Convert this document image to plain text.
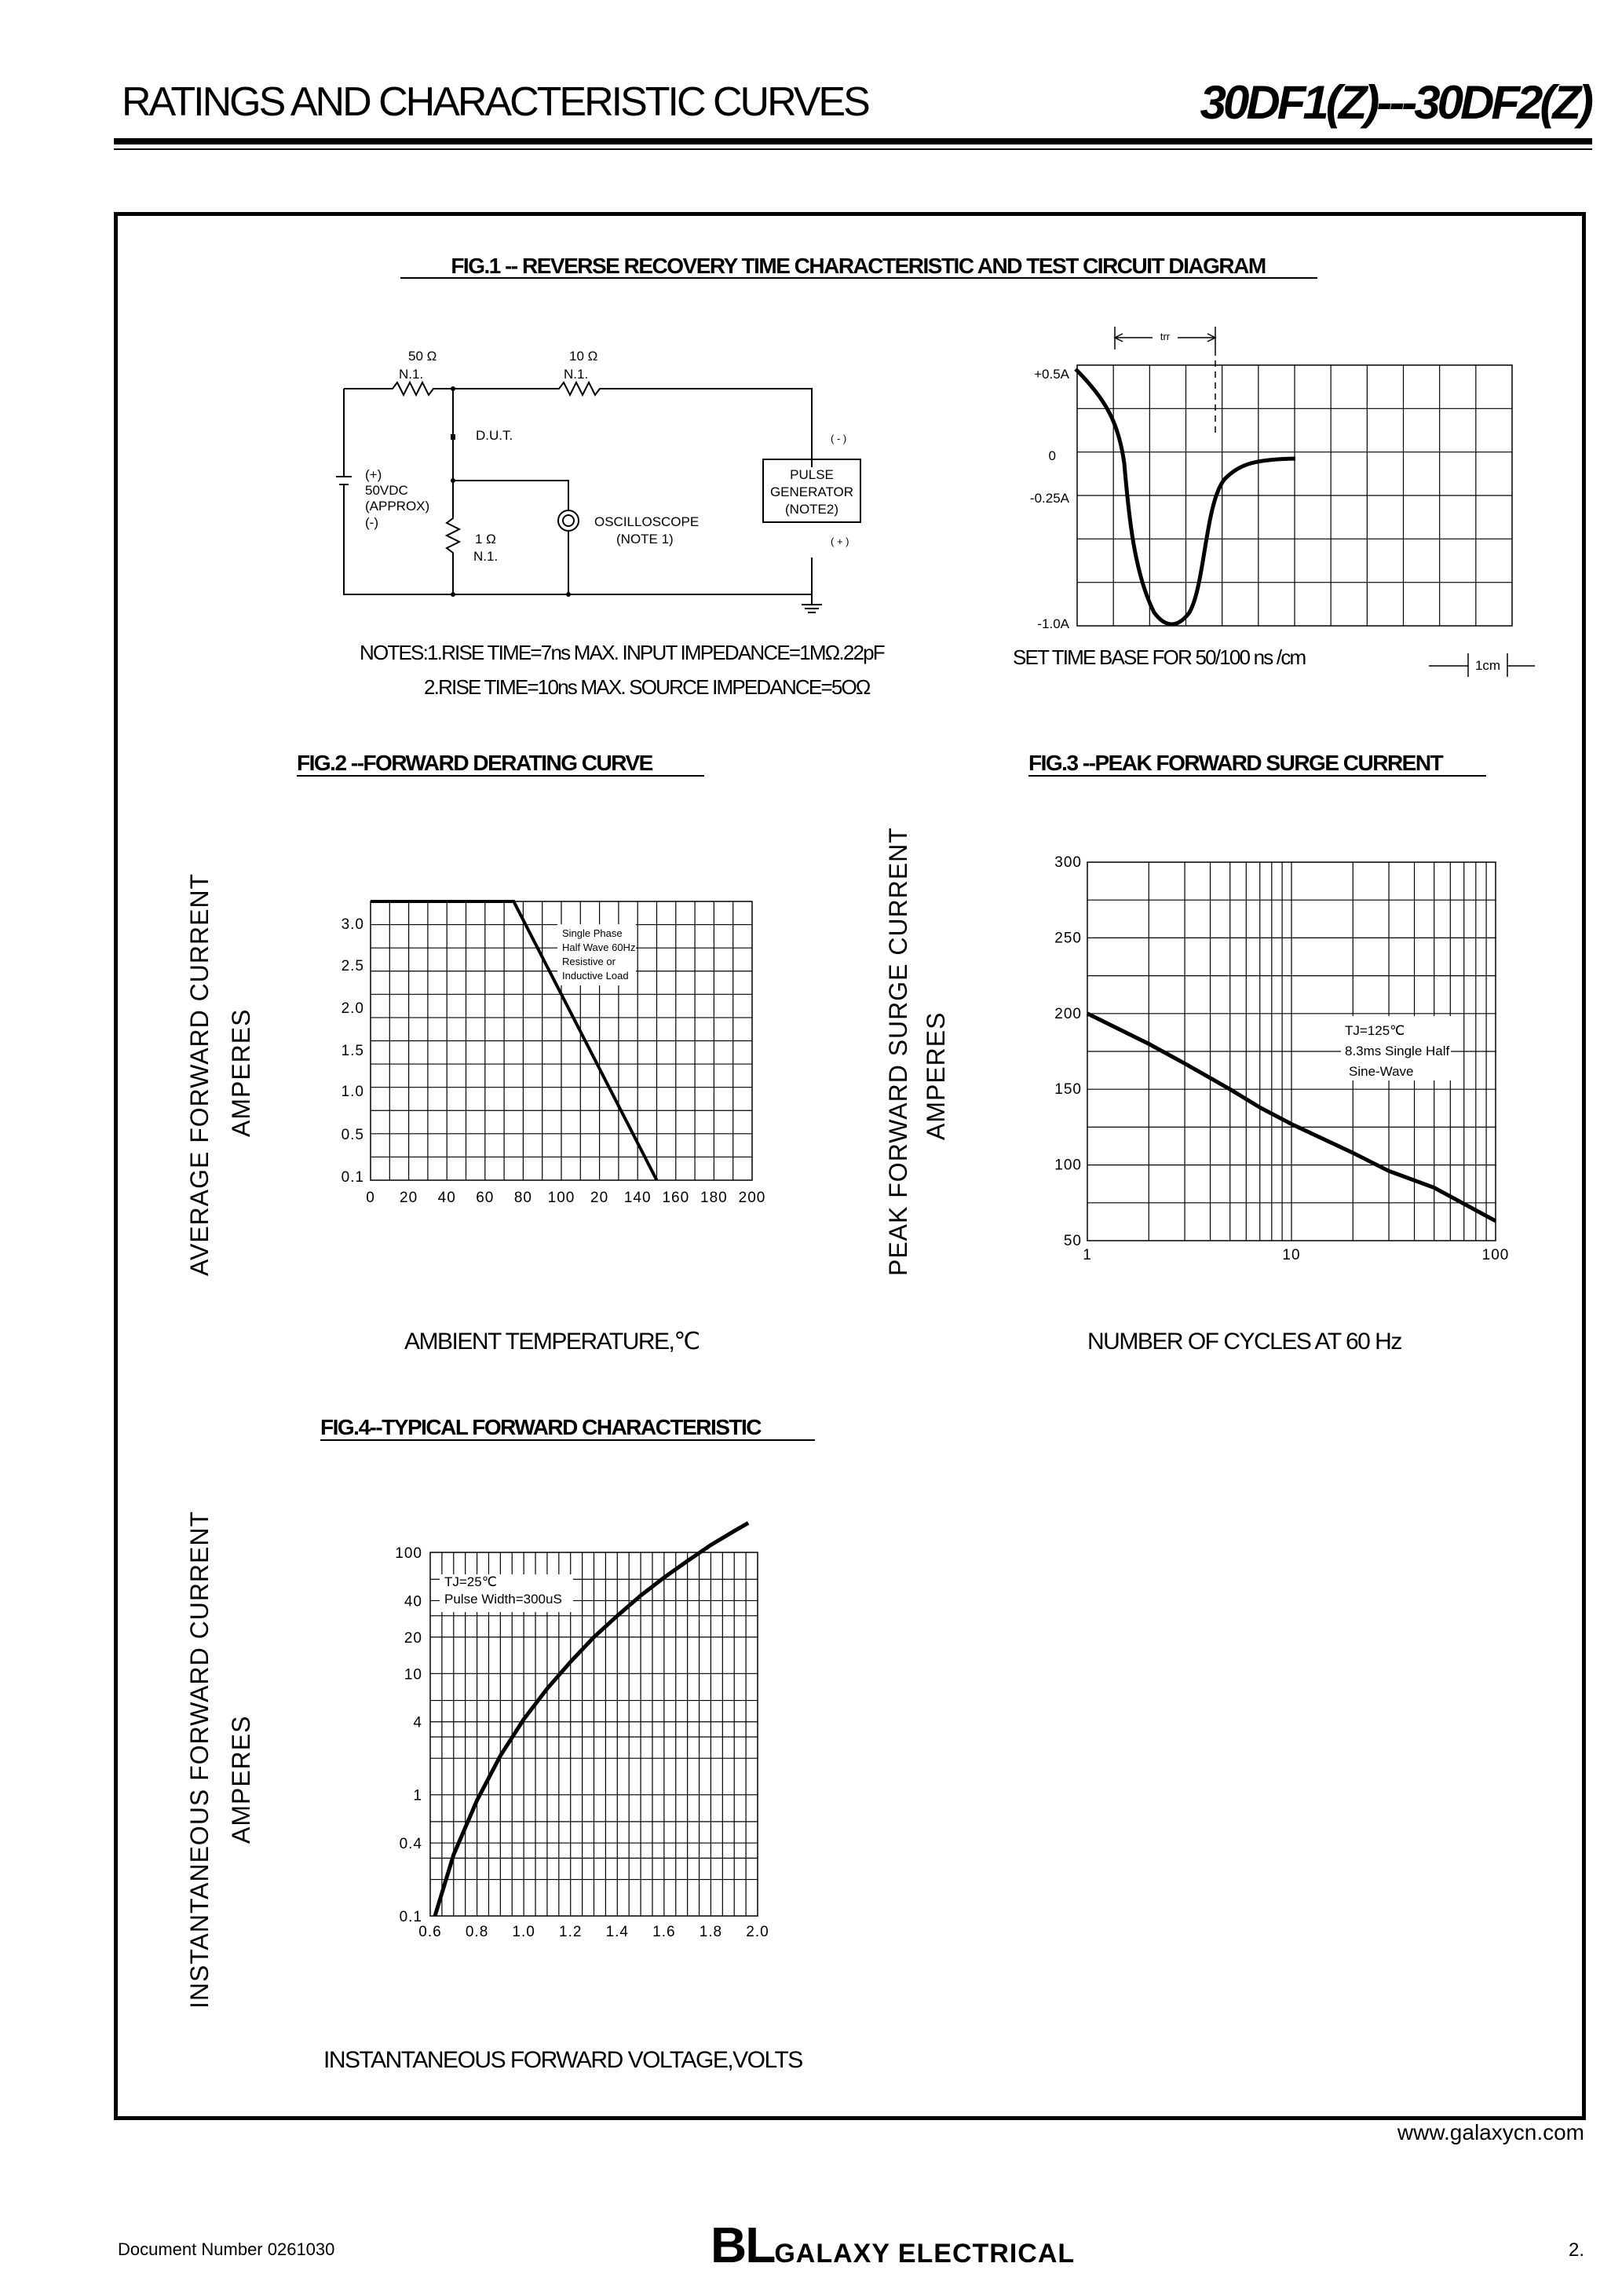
RATINGS AND CHARACTERISTIC CURVES	30DF1(Z)---30DF2(Z)
FIG.1 -- REVERSE RECOVERY TIME CHARACTERISTIC AND TEST CIRCUIT DIAGRAM
50 Ω
N.1.
10 Ω
N.1.
D.U.T.
(+)
50VDC
(APPROX)
(-)
1 Ω
N.1.
OSCILLOSCOPE
(NOTE 1)
PULSE
GENERATOR
(NOTE2)
( - )
( + )
NOTES:1.RISE TIME=7ns MAX. INPUT IMPEDANCE=1MΩ.22pF
2.RISE TIME=10ns MAX. SOURCE IMPEDANCE=5OΩ
trr
+0.5A
0
-0.25A
-1.0A
SET TIME BASE FOR 50/100 ns /cm	1cm
FIG.2 --FORWARD DERATING CURVE
AVERAGE FORWARD CURRENT AMPERES
AMBIENT TEMPERATURE,℃
Single Phase
Half Wave 60Hz
Resistive or
Inductive Load
3.0
2.5
2.0
1.5
1.0
0.5
0.1
0 20 40 60 80 100 20 140 160 180 200
FIG.3 --PEAK FORWARD SURGE CURRENT
PEAK FORWARD SURGE CURRENT AMPERES
NUMBER OF CYCLES AT 60 Hz
TJ=125℃
8.3ms Single Half
Sine-Wave
300
250
200
150
100
50
1	10	100
FIG.4--TYPICAL FORWARD CHARACTERISTIC
INSTANTANEOUS FORWARD CURRENT AMPERES
INSTANTANEOUS FORWARD VOLTAGE,VOLTS
TJ=25℃
Pulse Width=300uS
100
40
20
10
4
1
0.4
0.1
0.6 0.8 1.0 1.2 1.4 1.6 1.8 2.0
www.galaxycn.com
Document Number 0261030	BLGALAXY ELECTRICAL	2.
